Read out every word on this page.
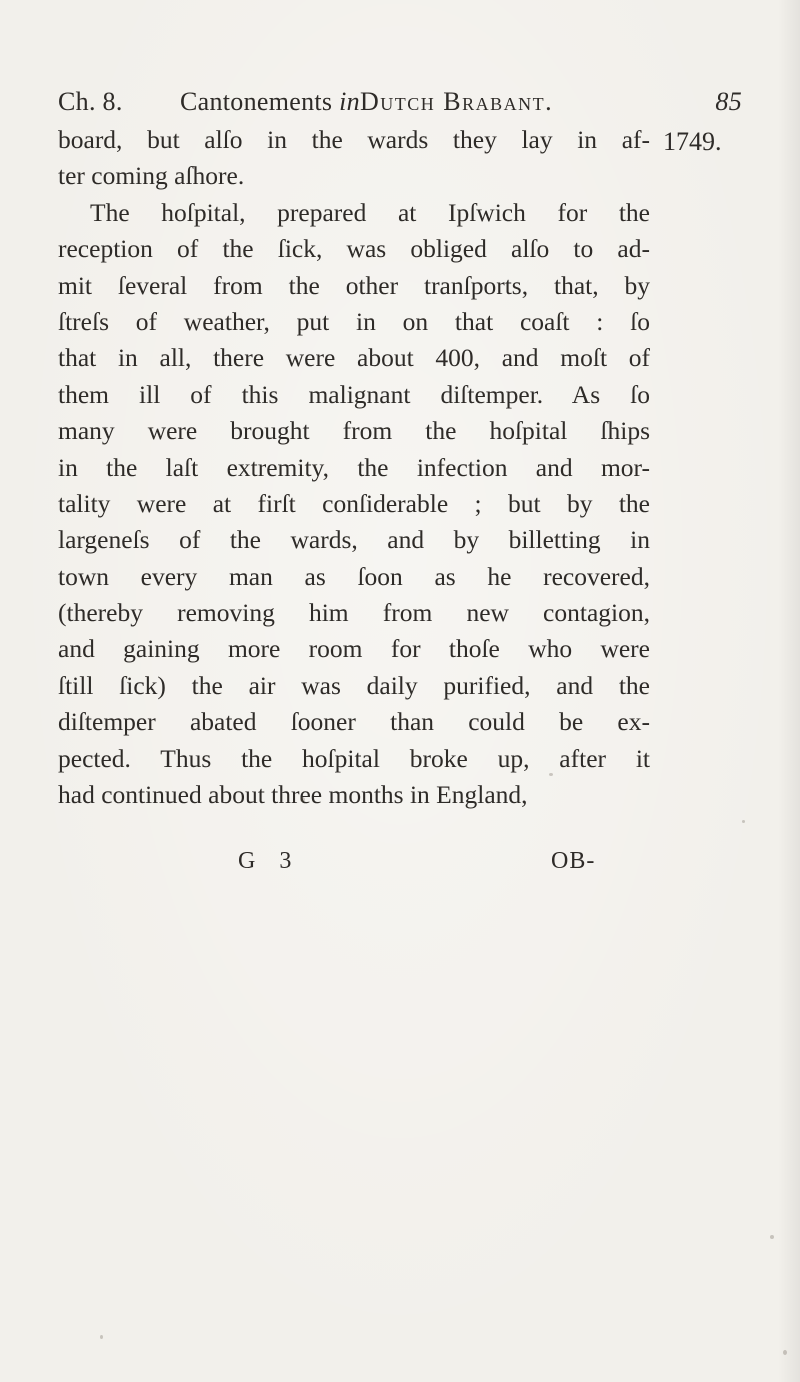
Ch. 8. Cantonements inDutch Brabant.	85
1749.
board, but alſo in the wards they lay in af-
ter coming aſhore.
The hoſpital, prepared at Ipſwich for the
reception of the ſick, was obliged alſo to ad-
mit ſeveral from the other tranſports, that, by
ſtreſs of weather, put in on that coaſt : ſo
that in all, there were about 400, and moſt of
them ill of this malignant diſtemper. As ſo
many were brought from the hoſpital ſhips
in the laſt extremity, the infection and mor-
tality were at firſt conſiderable ; but by the
largeneſs of the wards, and by billetting in
town every man as ſoon as he recovered,
(thereby removing him from new contagion,
and gaining more room for thoſe who were
ſtill ſick) the air was daily purified, and the
diſtemper abated ſooner than could be ex-
pected. Thus the hoſpital broke up, after it
had continued about three months in England,
G 3	OB-
